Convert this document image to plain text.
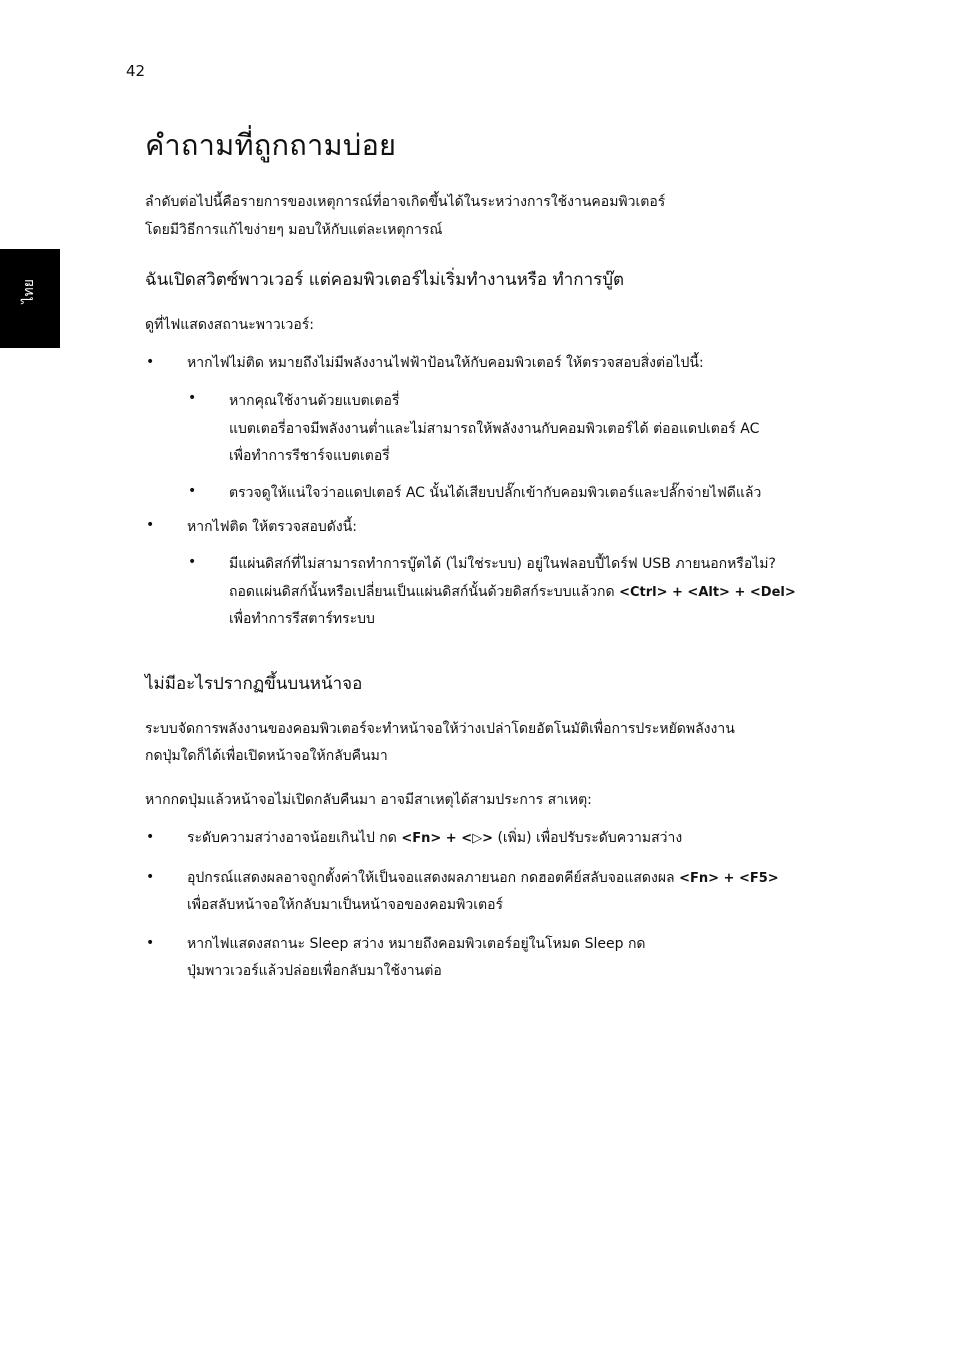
42
ไทย
คำถามที่ถูกถามบ่อย
ลำดับต่อไปนี้คือรายการของเหตุการณ์ที่อาจเกิดขึ้นได้ในระหว่างการใช้งานคอมพิวเตอร์
โดยมีวิธีการแก้ไขง่ายๆ มอบให้กับแต่ละเหตุการณ์
ฉันเปิดสวิตซ์พาวเวอร์ แต่คอมพิวเตอร์ไม่เริ่มทำงานหรือ ทำการบู๊ต
ดูที่ไฟแสดงสถานะพาวเวอร์:
• หากไฟไม่ติด หมายถึงไม่มีพลังงานไฟฟ้าป้อนให้กับคอมพิวเตอร์ ให้ตรวจสอบสิ่งต่อไปนี้:
• หากคุณใช้งานด้วยแบตเตอรี่
แบตเตอรี่อาจมีพลังงานต่ำและไม่สามารถให้พลังงานกับคอมพิวเตอร์ได้ ต่ออแดปเตอร์ AC
เพื่อทำการรีชาร์จแบตเตอรี่
• ตรวจดูให้แน่ใจว่าอแดปเตอร์ AC นั้นได้เสียบปลั๊กเข้ากับคอมพิวเตอร์และปลั๊กจ่ายไฟดีแล้ว
• หากไฟติด ให้ตรวจสอบดังนี้:
• มีแผ่นดิสก์ที่ไม่สามารถทำการบู๊ตได้ (ไม่ใช่ระบบ) อยู่ในฟลอบปี้ไดร์ฟ USB ภายนอกหรือไม่?
ถอดแผ่นดิสก์นั้นหรือเปลี่ยนเป็นแผ่นดิสก์นั้นด้วยดิสก์ระบบแล้วกด <Ctrl> + <Alt> + <Del>
เพื่อทำการรีสตาร์ทระบบ
ไม่มีอะไรปรากฏขึ้นบนหน้าจอ
ระบบจัดการพลังงานของคอมพิวเตอร์จะทำหน้าจอให้ว่างเปล่าโดยอัตโนมัติเพื่อการประหยัดพลังงาน
กดปุ่มใดก็ได้เพื่อเปิดหน้าจอให้กลับคืนมา
หากกดปุ่มแล้วหน้าจอไม่เปิดกลับคืนมา อาจมีสาเหตุได้สามประการ สาเหตุ:
• ระดับความสว่างอาจน้อยเกินไป กด <Fn> + <▷> (เพิ่ม) เพื่อปรับระดับความสว่าง
• อุปกรณ์แสดงผลอาจถูกตั้งค่าให้เป็นจอแสดงผลภายนอก กดฮอตคีย์สลับจอแสดงผล <Fn> + <F5>
เพื่อสลับหน้าจอให้กลับมาเป็นหน้าจอของคอมพิวเตอร์
• หากไฟแสดงสถานะ Sleep สว่าง หมายถึงคอมพิวเตอร์อยู่ในโหมด Sleep กด
ปุ่มพาวเวอร์แล้วปล่อยเพื่อกลับมาใช้งานต่อ
